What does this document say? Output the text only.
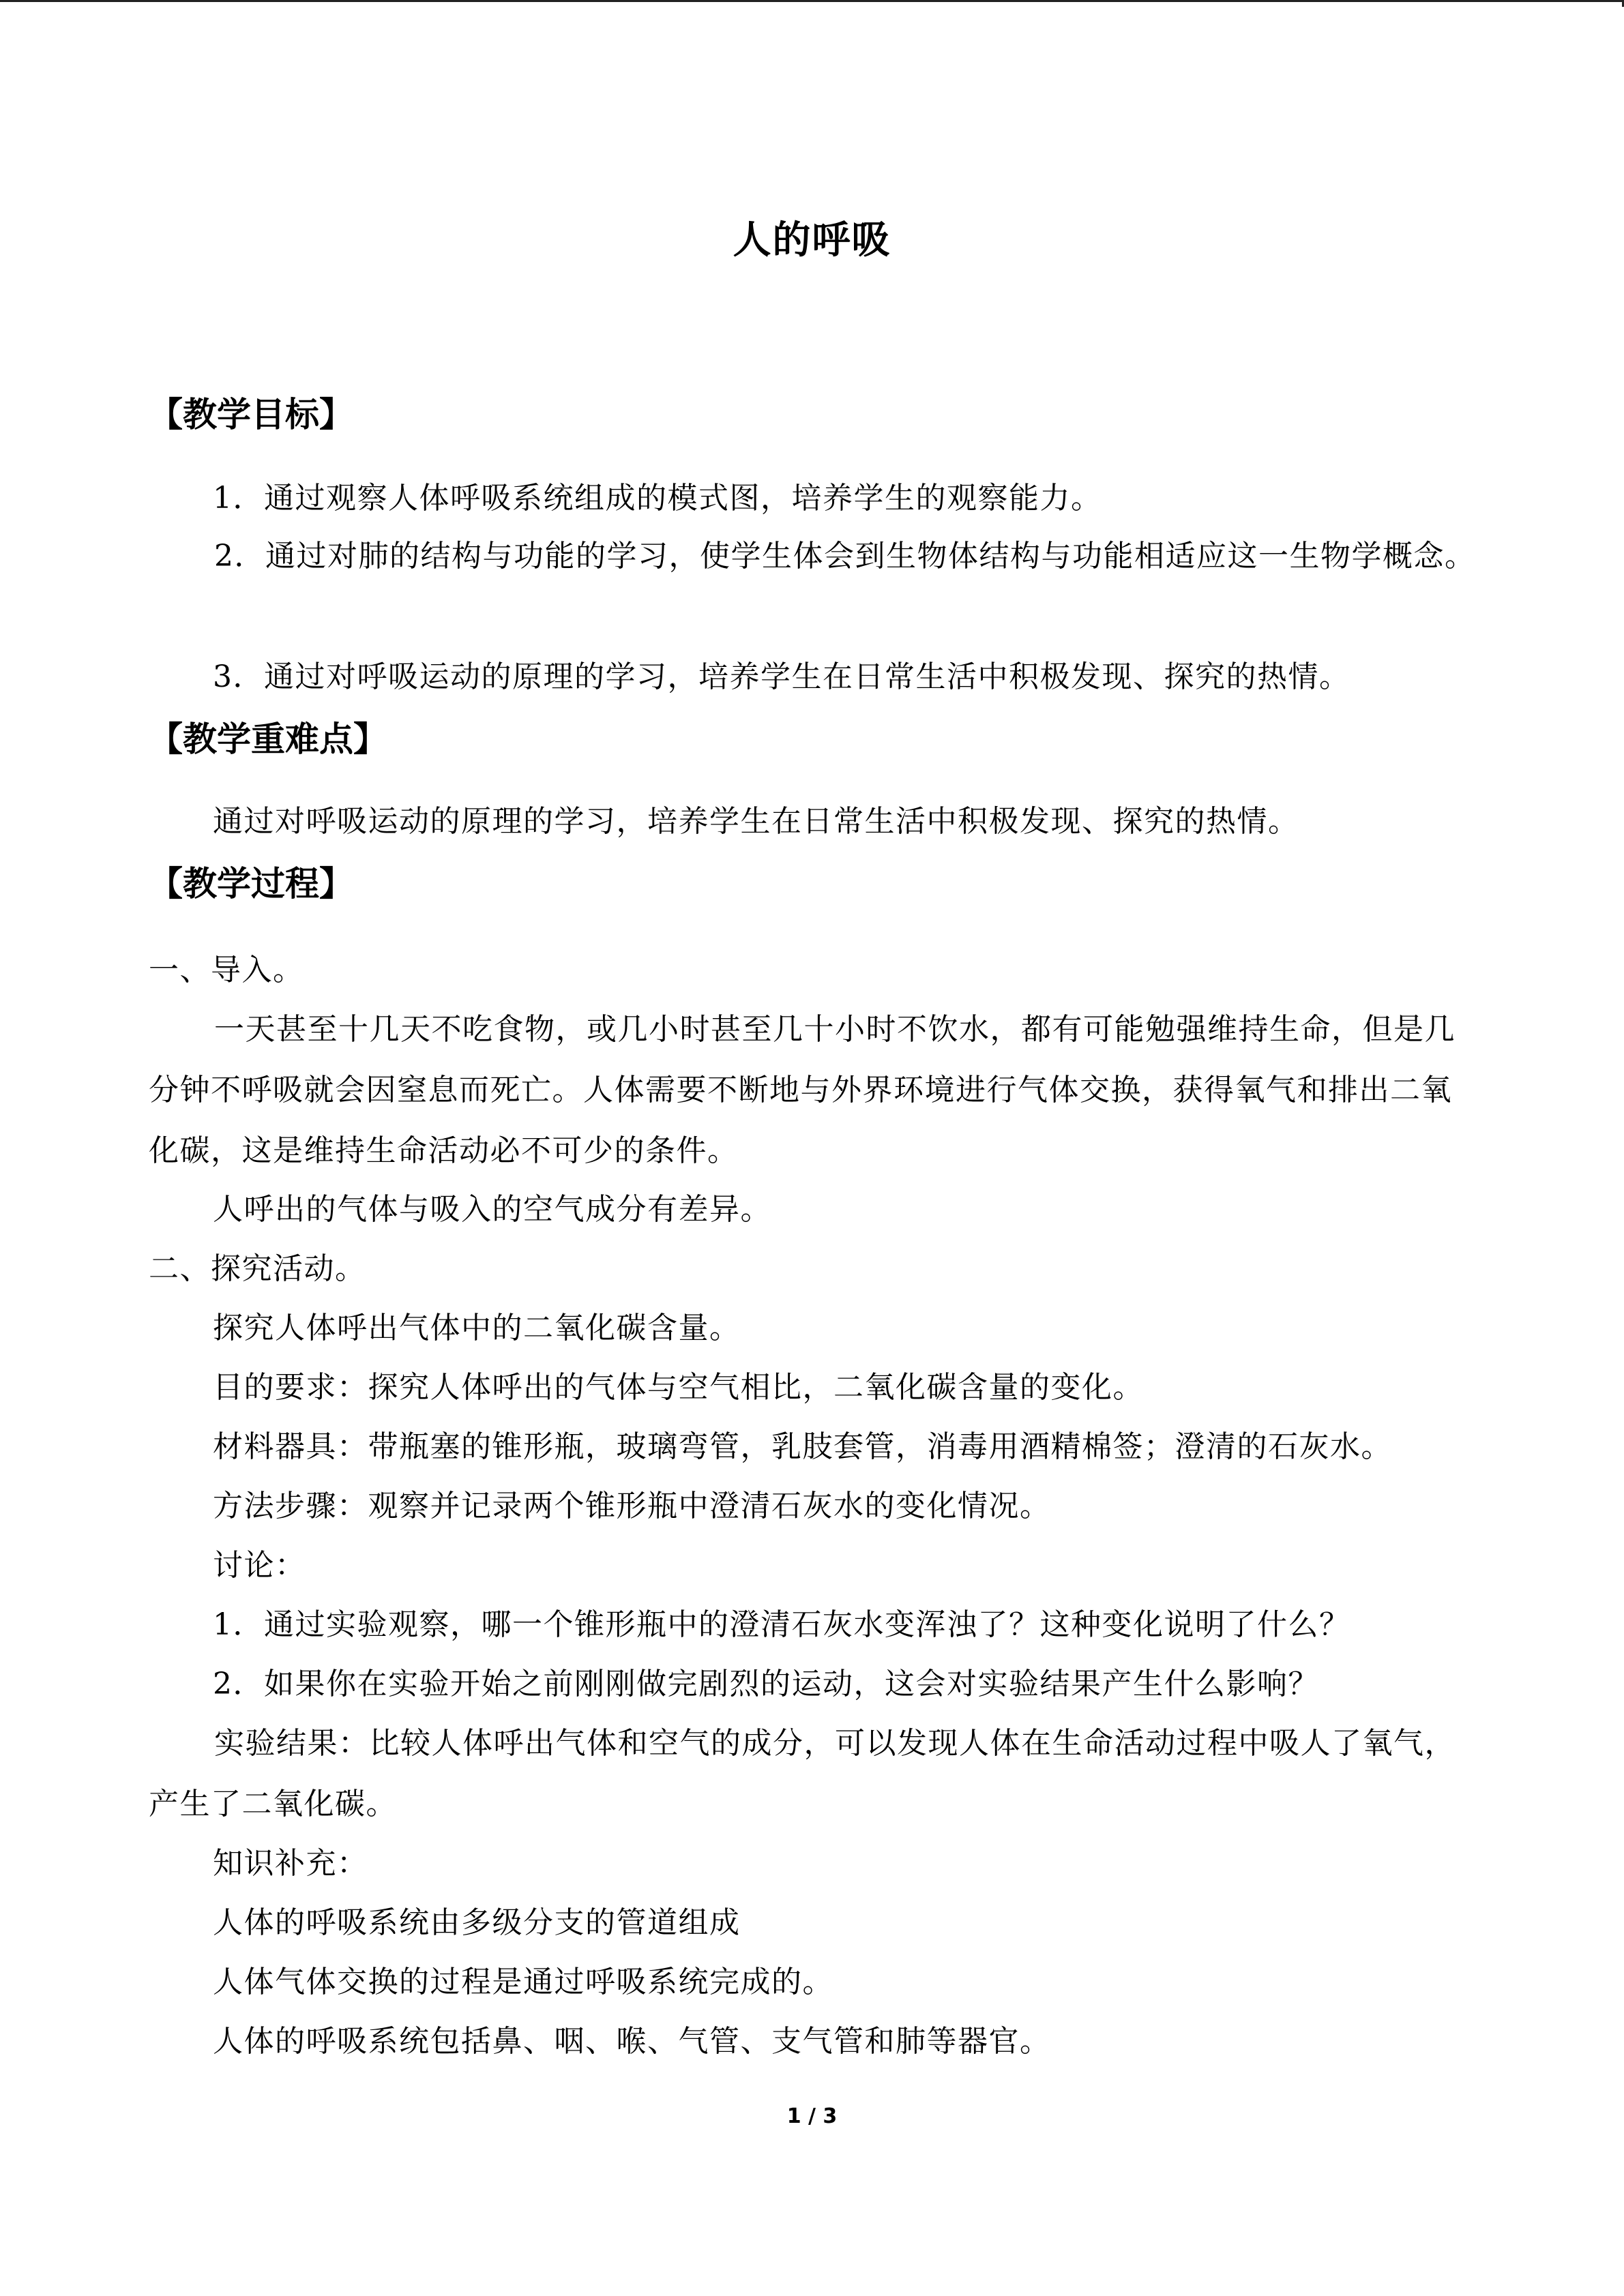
人的呼吸
【教学目标】
1．通过观察人体呼吸系统组成的模式图，培养学生的观察能力。
2．通过对肺的结构与功能的学习，使学生体会到生物体结构与功能相适应这一生物学概念。
3．通过对呼吸运动的原理的学习，培养学生在日常生活中积极发现、探究的热情。
【教学重难点】
通过对呼吸运动的原理的学习，培养学生在日常生活中积极发现、探究的热情。
【教学过程】
一、导入。
一天甚至十几天不吃食物，或几小时甚至几十小时不饮水，都有可能勉强维持生命，但是几分钟不呼吸就会因窒息而死亡。人体需要不断地与外界环境进行气体交换，获得氧气和排出二氧化碳，这是维持生命活动必不可少的条件。
人呼出的气体与吸入的空气成分有差异。
二、探究活动。
探究人体呼出气体中的二氧化碳含量。
目的要求：探究人体呼出的气体与空气相比，二氧化碳含量的变化。
材料器具：带瓶塞的锥形瓶，玻璃弯管，乳肢套管，消毒用酒精棉签；澄清的石灰水。
方法步骤：观察并记录两个锥形瓶中澄清石灰水的变化情况。
讨论：
1．通过实验观察，哪一个锥形瓶中的澄清石灰水变浑浊了？这种变化说明了什么？
2．如果你在实验开始之前刚刚做完剧烈的运动，这会对实验结果产生什么影响？
实验结果：比较人体呼出气体和空气的成分，可以发现人体在生命活动过程中吸人了氧气，产生了二氧化碳。
知识补充：
人体的呼吸系统由多级分支的管道组成
人体气体交换的过程是通过呼吸系统完成的。
人体的呼吸系统包括鼻、咽、喉、气管、支气管和肺等器官。
1 / 3
